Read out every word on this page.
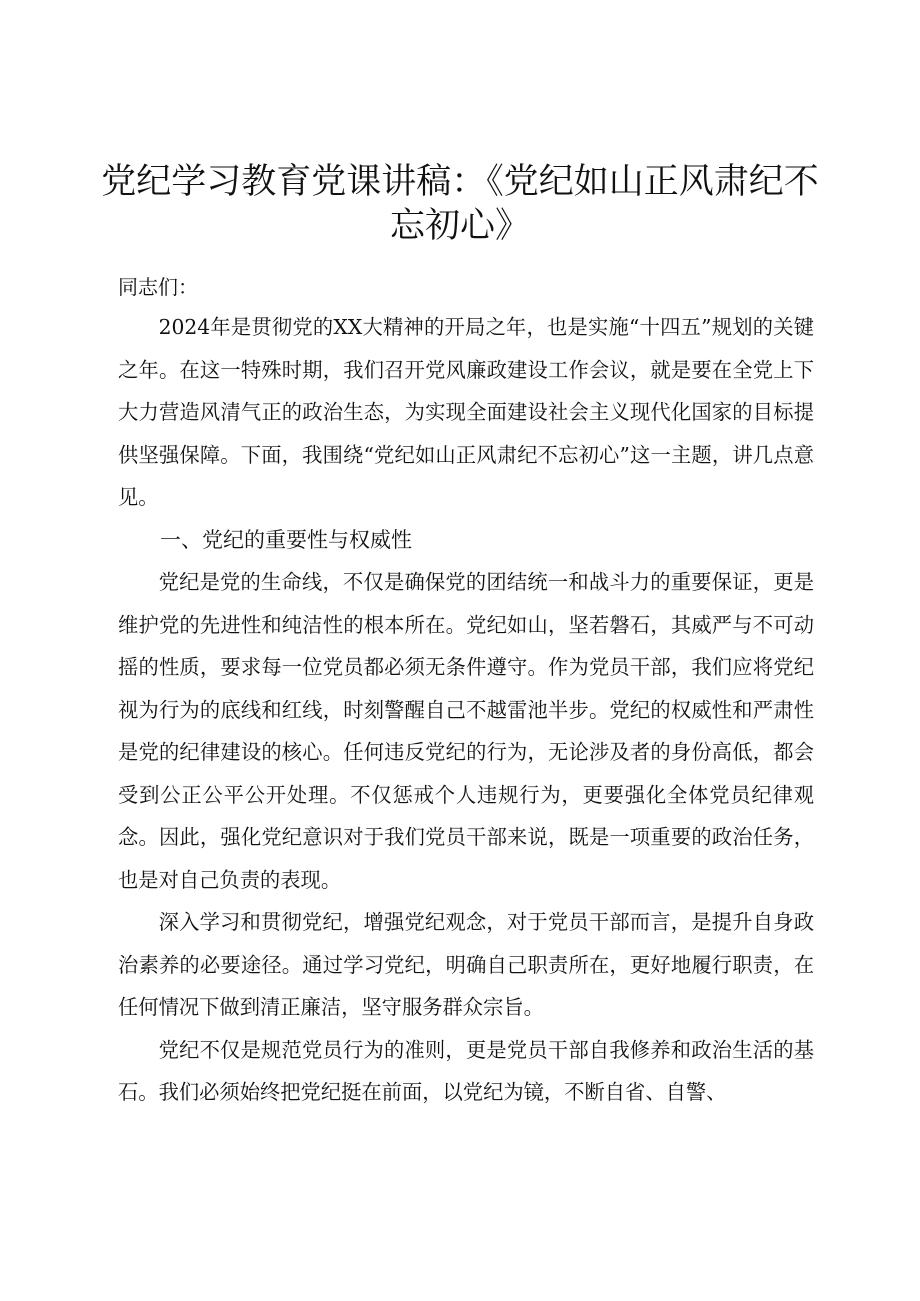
党纪学习教育党课讲稿：《党纪如山正风肃纪不忘初心》
同志们：

2024年是贯彻党的XX大精神的开局之年，也是实施“十四五”规划的关键之年。在这一特殊时期，我们召开党风廉政建设工作会议，就是要在全党上下大力营造风清气正的政治生态，为实现全面建设社会主义现代化国家的目标提供坚强保障。下面，我围绕“党纪如山正风肃纪不忘初心”这一主题，讲几点意见。

一、党纪的重要性与权威性

党纪是党的生命线，不仅是确保党的团结统一和战斗力的重要保证，更是维护党的先进性和纯洁性的根本所在。党纪如山，坚若磐石，其威严与不可动摇的性质，要求每一位党员都必须无条件遵守。作为党员干部，我们应将党纪视为行为的底线和红线，时刻警醒自己不越雷池半步。党纪的权威性和严肃性是党的纪律建设的核心。任何违反党纪的行为，无论涉及者的身份高低，都会受到公正公平公开处理。不仅惩戒个人违规行为，更要强化全体党员纪律观念。因此，强化党纪意识对于我们党员干部来说，既是一项重要的政治任务，也是对自己负责的表现。

深入学习和贯彻党纪，增强党纪观念，对于党员干部而言，是提升自身政治素养的必要途径。通过学习党纪，明确自己职责所在，更好地履行职责，在任何情况下做到清正廉洁，坚守服务群众宗旨。

党纪不仅是规范党员行为的准则，更是党员干部自我修养和政治生活的基石。我们必须始终把党纪挺在前面，以党纪为镜，不断自省、自警、
